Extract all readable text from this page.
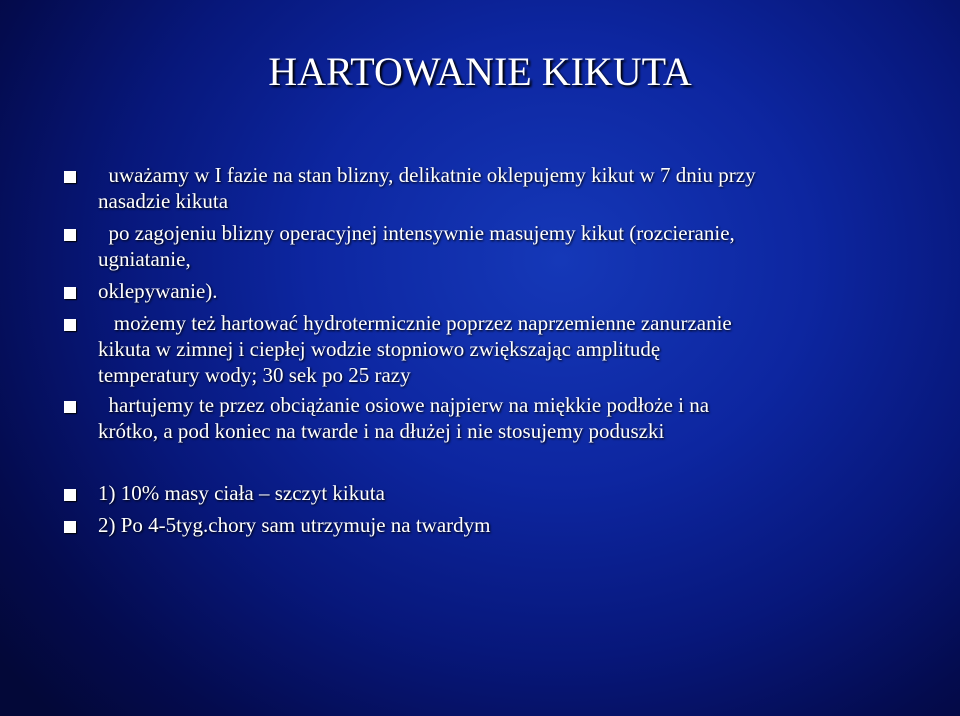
HARTOWANIE KIKUTA
uważamy w I fazie na stan blizny, delikatnie oklepujemy kikut w 7 dniu przy
nasadzie kikuta
po zagojeniu blizny operacyjnej intensywnie masujemy kikut (rozcieranie,
ugniatanie,
oklepywanie).
możemy też hartować hydrotermicznie poprzez naprzemienne zanurzanie
kikuta w zimnej i ciepłej wodzie stopniowo zwiększając amplitudę
temperatury wody; 30 sek po 25 razy
hartujemy te przez obciążanie osiowe najpierw na miękkie podłoże i na
krótko, a pod koniec na twarde i na dłużej i nie stosujemy poduszki
1) 10% masy ciała – szczyt kikuta
2) Po 4-5tyg.chory sam utrzymuje na twardym
